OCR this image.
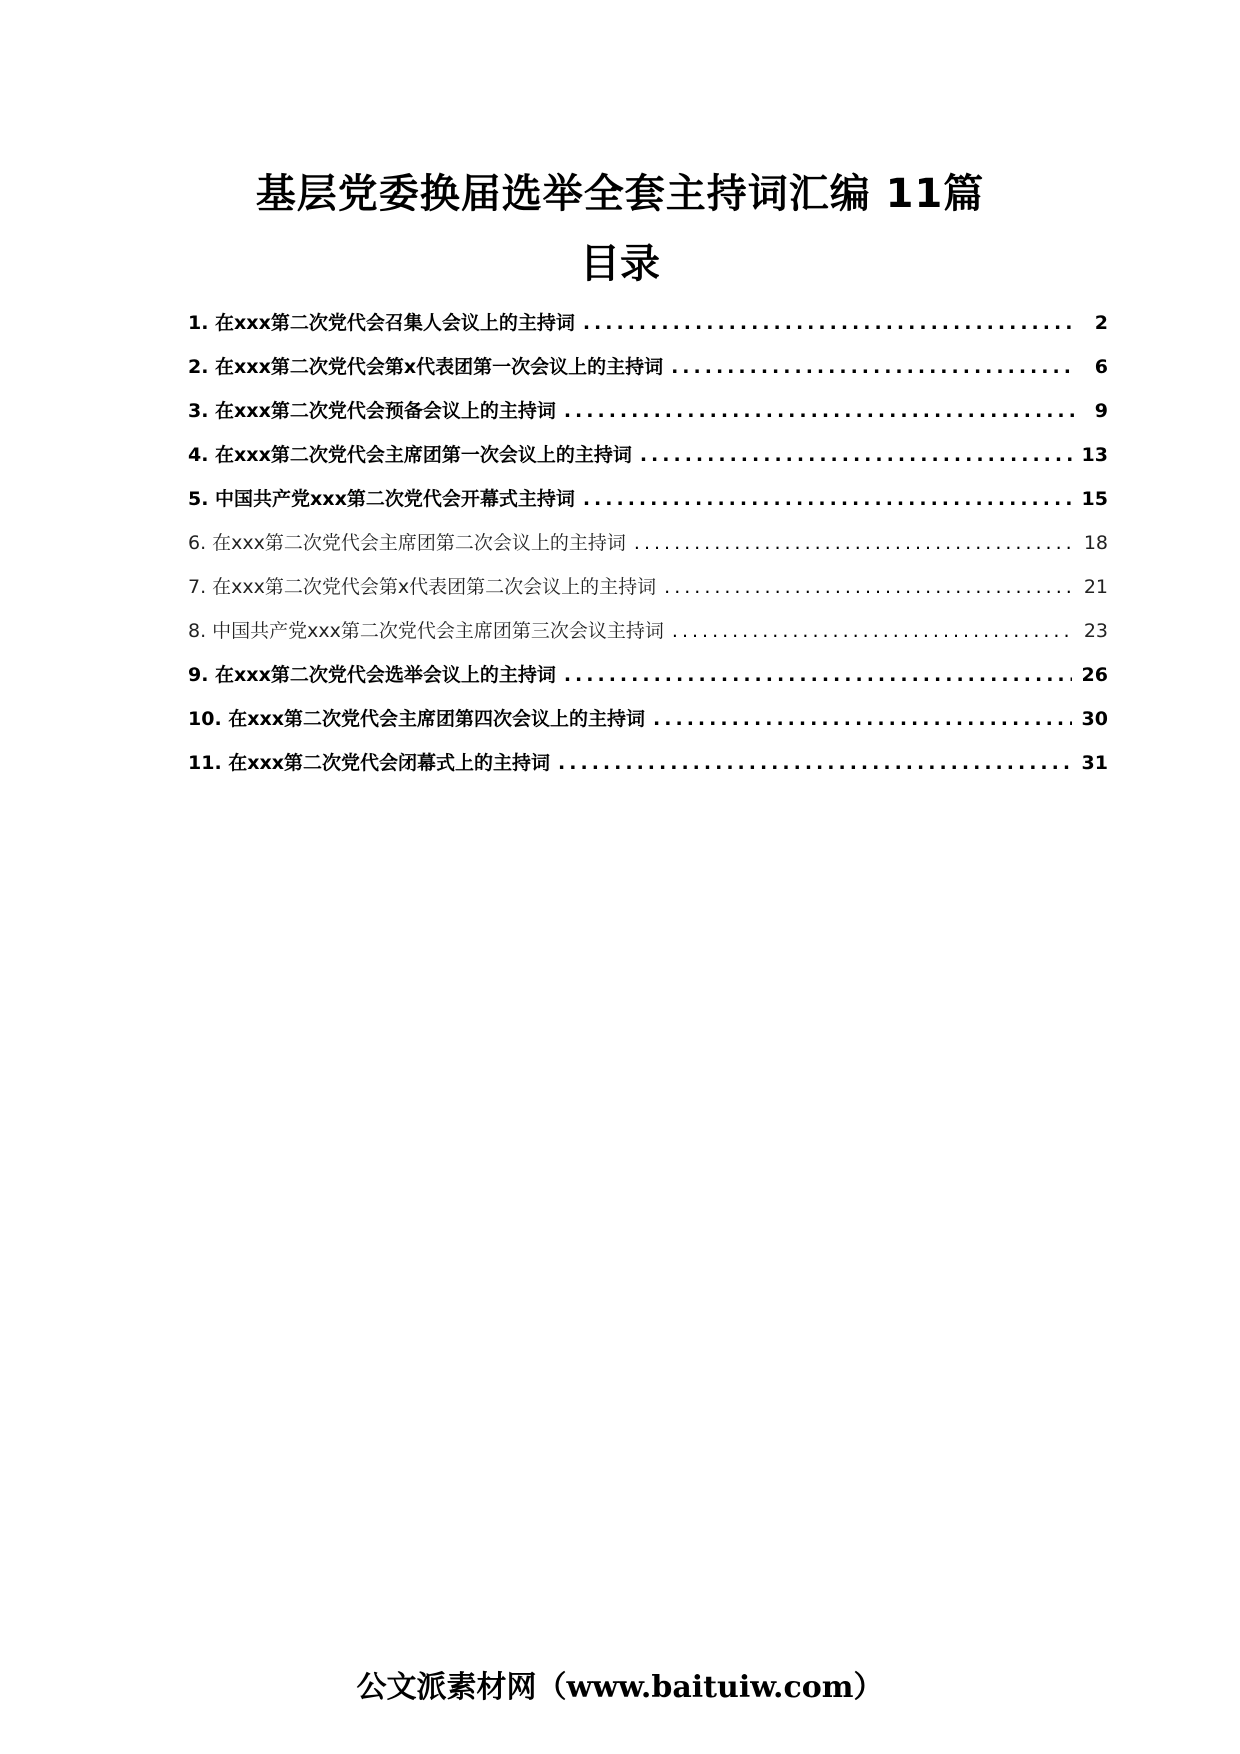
基层党委换届选举全套主持词汇编 11篇
目录
1. 在xxx第二次党代会召集人会议上的主持词 .....	2
2. 在xxx第二次党代会第x代表团第一次会议上的主持词 .....	6
3. 在xxx第二次党代会预备会议上的主持词 .....	9
4. 在xxx第二次党代会主席团第一次会议上的主持词 .....	13
5. 中国共产党xxx第二次党代会开幕式主持词 .....	15
6. 在xxx第二次党代会主席团第二次会议上的主持词 .....	18
7. 在xxx第二次党代会第x代表团第二次会议上的主持词 .....	21
8. 中国共产党xxx第二次党代会主席团第三次会议主持词 .....	23
9. 在xxx第二次党代会选举会议上的主持词 .....	26
10. 在xxx第二次党代会主席团第四次会议上的主持词 .....	30
11. 在xxx第二次党代会闭幕式上的主持词 .....	31
公文派素材网（www.baituiw.com）
